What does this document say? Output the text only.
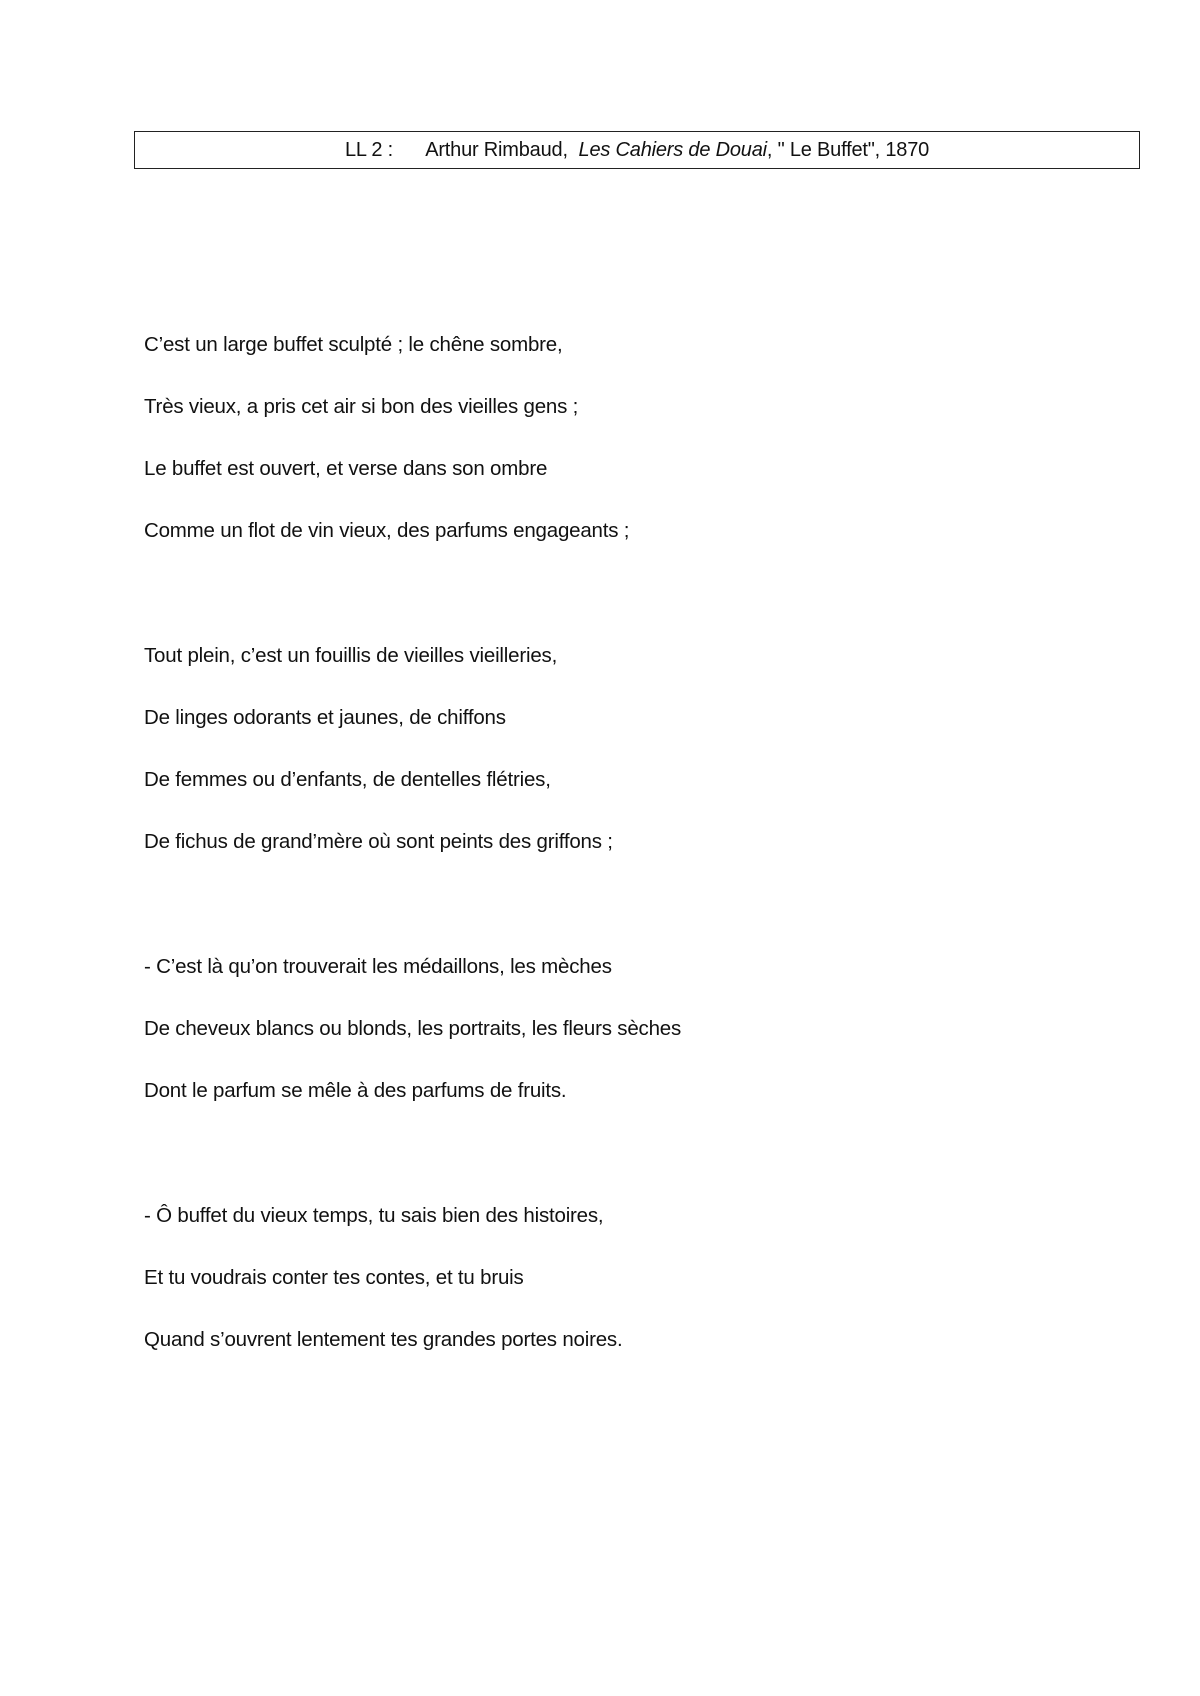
LL 2 :
Arthur Rimbaud,
Les Cahiers de Douai , " Le Buffet", 1870
C’est un large buffet sculpté ; le chêne sombre,
Très vieux, a pris cet air si bon des vieilles gens ;
Le buffet est ouvert, et verse dans son ombre
Comme un flot de vin vieux, des parfums engageants ;
Tout plein, c’est un fouillis de vieilles vieilleries,
De linges odorants et jaunes, de chiffons
De femmes ou d’enfants, de dentelles flétries,
De fichus de grand’mère où sont peints des griffons ;
- C’est là qu’on trouverait les médaillons, les mèches
De cheveux blancs ou blonds, les portraits, les fleurs sèches
Dont le parfum se mêle à des parfums de fruits.
- Ô buffet du vieux temps, tu sais bien des histoires,
Et tu voudrais conter tes contes, et tu bruis
Quand s’ouvrent lentement tes grandes portes noires.
